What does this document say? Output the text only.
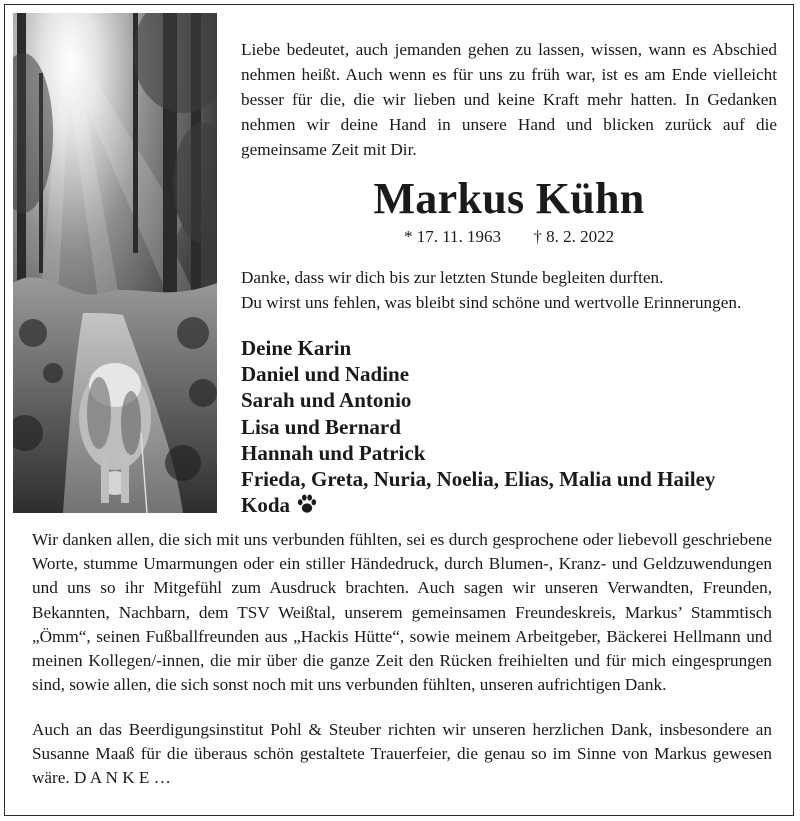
Liebe bedeutet, auch jemanden gehen zu lassen, wissen, wann es Abschied nehmen heißt. Auch wenn es für uns zu früh war, ist es am Ende vielleicht besser für die, die wir lieben und keine Kraft mehr hatten. In Gedanken nehmen wir deine Hand in unsere Hand und blicken zurück auf die gemeinsame Zeit mit Dir.

Markus Kühn
* 17. 11. 1963 † 8. 2. 2022

Danke, dass wir dich bis zur letzten Stunde begleiten durften.
Du wirst uns fehlen, was bleibt sind schöne und wertvolle Erinnerungen.

Deine Karin
Daniel und Nadine
Sarah und Antonio
Lisa und Bernard
Hannah und Patrick
Frieda, Greta, Nuria, Noelia, Elias, Malia und Hailey
Koda

Wir danken allen, die sich mit uns verbunden fühlten, sei es durch gesprochene oder liebevoll geschriebene Worte, stumme Umarmungen oder ein stiller Händedruck, durch Blumen-, Kranz- und Geldzuwendungen und uns so ihr Mitgefühl zum Ausdruck brachten. Auch sagen wir unseren Verwandten, Freunden, Bekannten, Nachbarn, dem TSV Weißtal, unserem gemeinsamen Freundeskreis, Markus’ Stammtisch „Ömm“, seinen Fußballfreunden aus „Hackis Hütte“, sowie meinem Arbeitgeber, Bäckerei Hellmann und meinen Kollegen/-innen, die mir über die ganze Zeit den Rücken freihielten und für mich eingesprungen sind, sowie allen, die sich sonst noch mit uns verbunden fühlten, unseren aufrichtigen Dank.

Auch an das Beerdigungsinstitut Pohl & Steuber richten wir unseren herzlichen Dank, insbesondere an Susanne Maaß für die überaus schön gestaltete Trauerfeier, die genau so im Sinne von Markus gewesen wäre. D A N K E …
